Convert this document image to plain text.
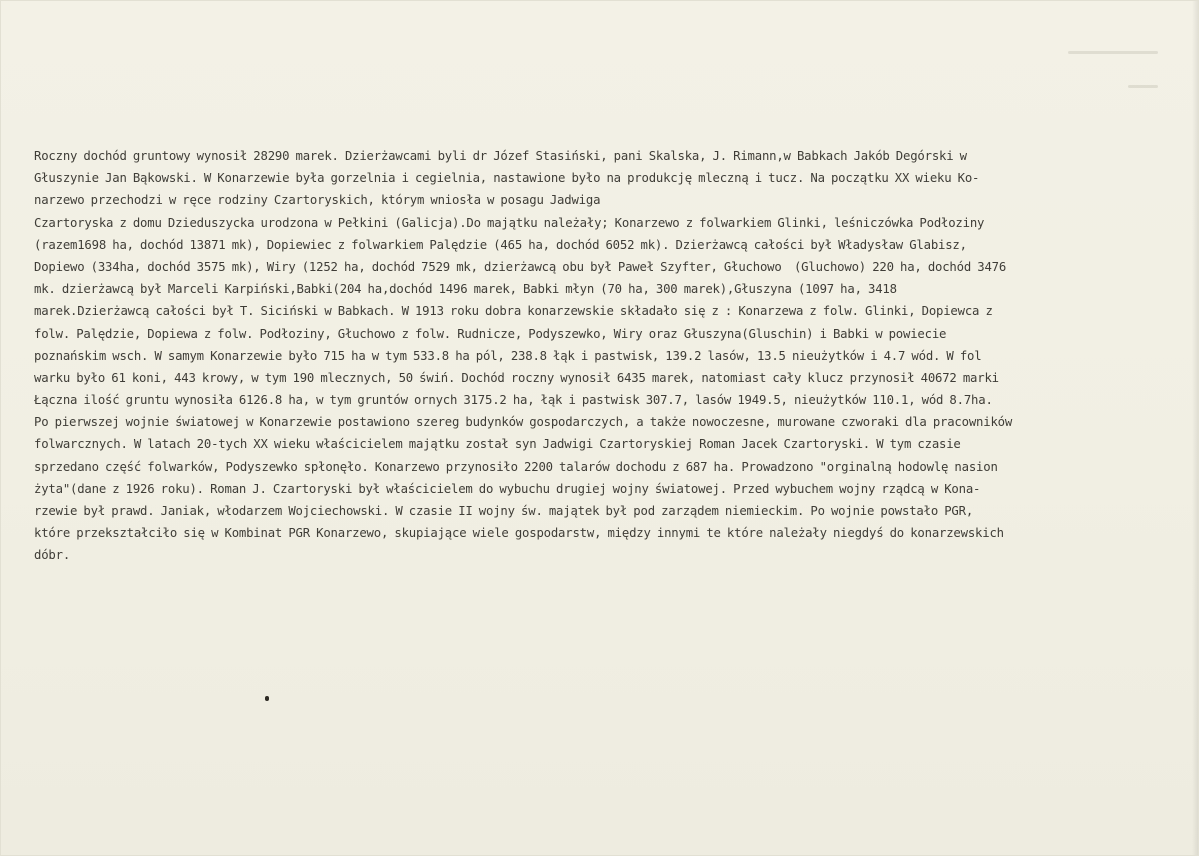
Roczny dochód gruntowy wynosił 28290 marek. Dzierżawcami byli dr Józef Stasiński, pani Skalska, J. Rimann,w Babkach Jakób Degórski w
Głuszynie Jan Bąkowski. W Konarzewie była gorzelnia i cegielnia, nastawione było na produkcję mleczną i tucz. Na początku XX wieku Ko-
narzewo przechodzi w ręce rodziny Czartoryskich, którym wniosła w posagu Jadwiga
Czartoryska z domu Dzieduszycka urodzona w Pełkini (Galicja).Do majątku należały; Konarzewo z folwarkiem Glinki, leśniczówka Podłoziny
(razem1698 ha, dochód 13871 mk), Dopiewiec z folwarkiem Palędzie (465 ha, dochód 6052 mk). Dzierżawcą całości był Władysław Glabisz,
Dopiewo (334ha, dochód 3575 mk), Wiry (1252 ha, dochód 7529 mk, dzierżawcą obu był Paweł Szyfter, Głuchowo  (Gluchowo) 220 ha, dochód 3476
mk. dzierżawcą był Marceli Karpiński,Babki(204 ha,dochód 1496 marek, Babki młyn (70 ha, 300 marek),Głuszyna (1097 ha, 3418
marek.Dzierżawcą całości był T. Siciński w Babkach. W 1913 roku dobra konarzewskie składało się z : Konarzewa z folw. Glinki, Dopiewca z
folw. Palędzie, Dopiewa z folw. Podłoziny, Głuchowo z folw. Rudnicze, Podyszewko, Wiry oraz Głuszyna(Gluschin) i Babki w powiecie
poznańskim wsch. W samym Konarzewie było 715 ha w tym 533.8 ha pól, 238.8 łąk i pastwisk, 139.2 lasów, 13.5 nieużytków i 4.7 wód. W fol
warku było 61 koni, 443 krowy, w tym 190 mlecznych, 50 świń. Dochód roczny wynosił 6435 marek, natomiast cały klucz przynosił 40672 marki
Łączna ilość gruntu wynosiła 6126.8 ha, w tym gruntów ornych 3175.2 ha, łąk i pastwisk 307.7, lasów 1949.5, nieużytków 110.1, wód 8.7ha.
Po pierwszej wojnie światowej w Konarzewie postawiono szereg budynków gospodarczych, a także nowoczesne, murowane czworaki dla pracowników
folwarcznych. W latach 20-tych XX wieku właścicielem majątku został syn Jadwigi Czartoryskiej Roman Jacek Czartoryski. W tym czasie
sprzedano część folwarków, Podyszewko spłonęło. Konarzewo przynosiło 2200 talarów dochodu z 687 ha. Prowadzono "orginalną hodowlę nasion
żyta"(dane z 1926 roku). Roman J. Czartoryski był właścicielem do wybuchu drugiej wojny światowej. Przed wybuchem wojny rządcą w Kona-
rzewie był prawd. Janiak, włodarzem Wojciechowski. W czasie II wojny św. majątek był pod zarządem niemieckim. Po wojnie powstało PGR,
które przekształciło się w Kombinat PGR Konarzewo, skupiające wiele gospodarstw, między innymi te które należały niegdyś do konarzewskich
dóbr.
